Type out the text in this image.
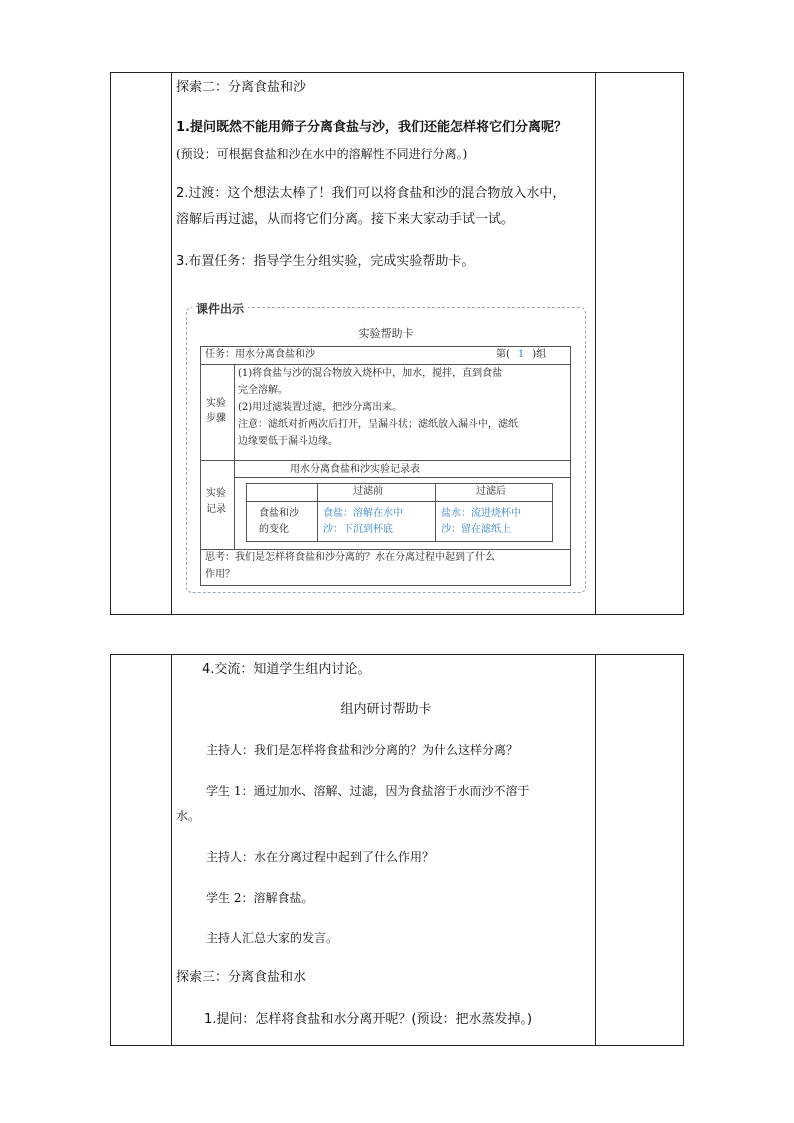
探索二：分离食盐和沙
1.提问既然不能用筛子分离食盐与沙，我们还能怎样将它们分离呢？
(预设：可根据食盐和沙在水中的溶解性不同进行分离。)
2.过渡：这个想法太棒了！我们可以将食盐和沙的混合物放入水中，
溶解后再过滤，从而将它们分离。接下来大家动手试一试。
3.布置任务：指导学生分组实验，完成实验帮助卡。
课件出示
实验帮助卡
任务：用水分离食盐和沙	第( 1 )组
实验
步骤
(1)将食盐与沙的混合物放入烧杯中，加水，搅拌，直到食盐
完全溶解。
(2)用过滤装置过滤，把沙分离出来。
注意：滤纸对折两次后打开，呈漏斗状；滤纸放入漏斗中，滤纸
边缘要低于漏斗边缘。
实验
记录
用水分离食盐和沙实验记录表
过滤前	过滤后
食盐和沙
的变化
食盐：溶解在水中
沙：下沉到杯底
盐水：流进烧杯中
沙：留在滤纸上
思考：我们是怎样将食盐和沙分离的？水在分离过程中起到了什么
作用？
4.交流：知道学生组内讨论。
组内研讨帮助卡
主持人：我们是怎样将食盐和沙分离的？为什么这样分离？
学生 1：通过加水、溶解、过滤，因为食盐溶于水而沙不溶于
水。
主持人：水在分离过程中起到了什么作用？
学生 2：溶解食盐。
主持人汇总大家的发言。
探索三：分离食盐和水
1.提问：怎样将食盐和水分离开呢？(预设：把水蒸发掉。)
